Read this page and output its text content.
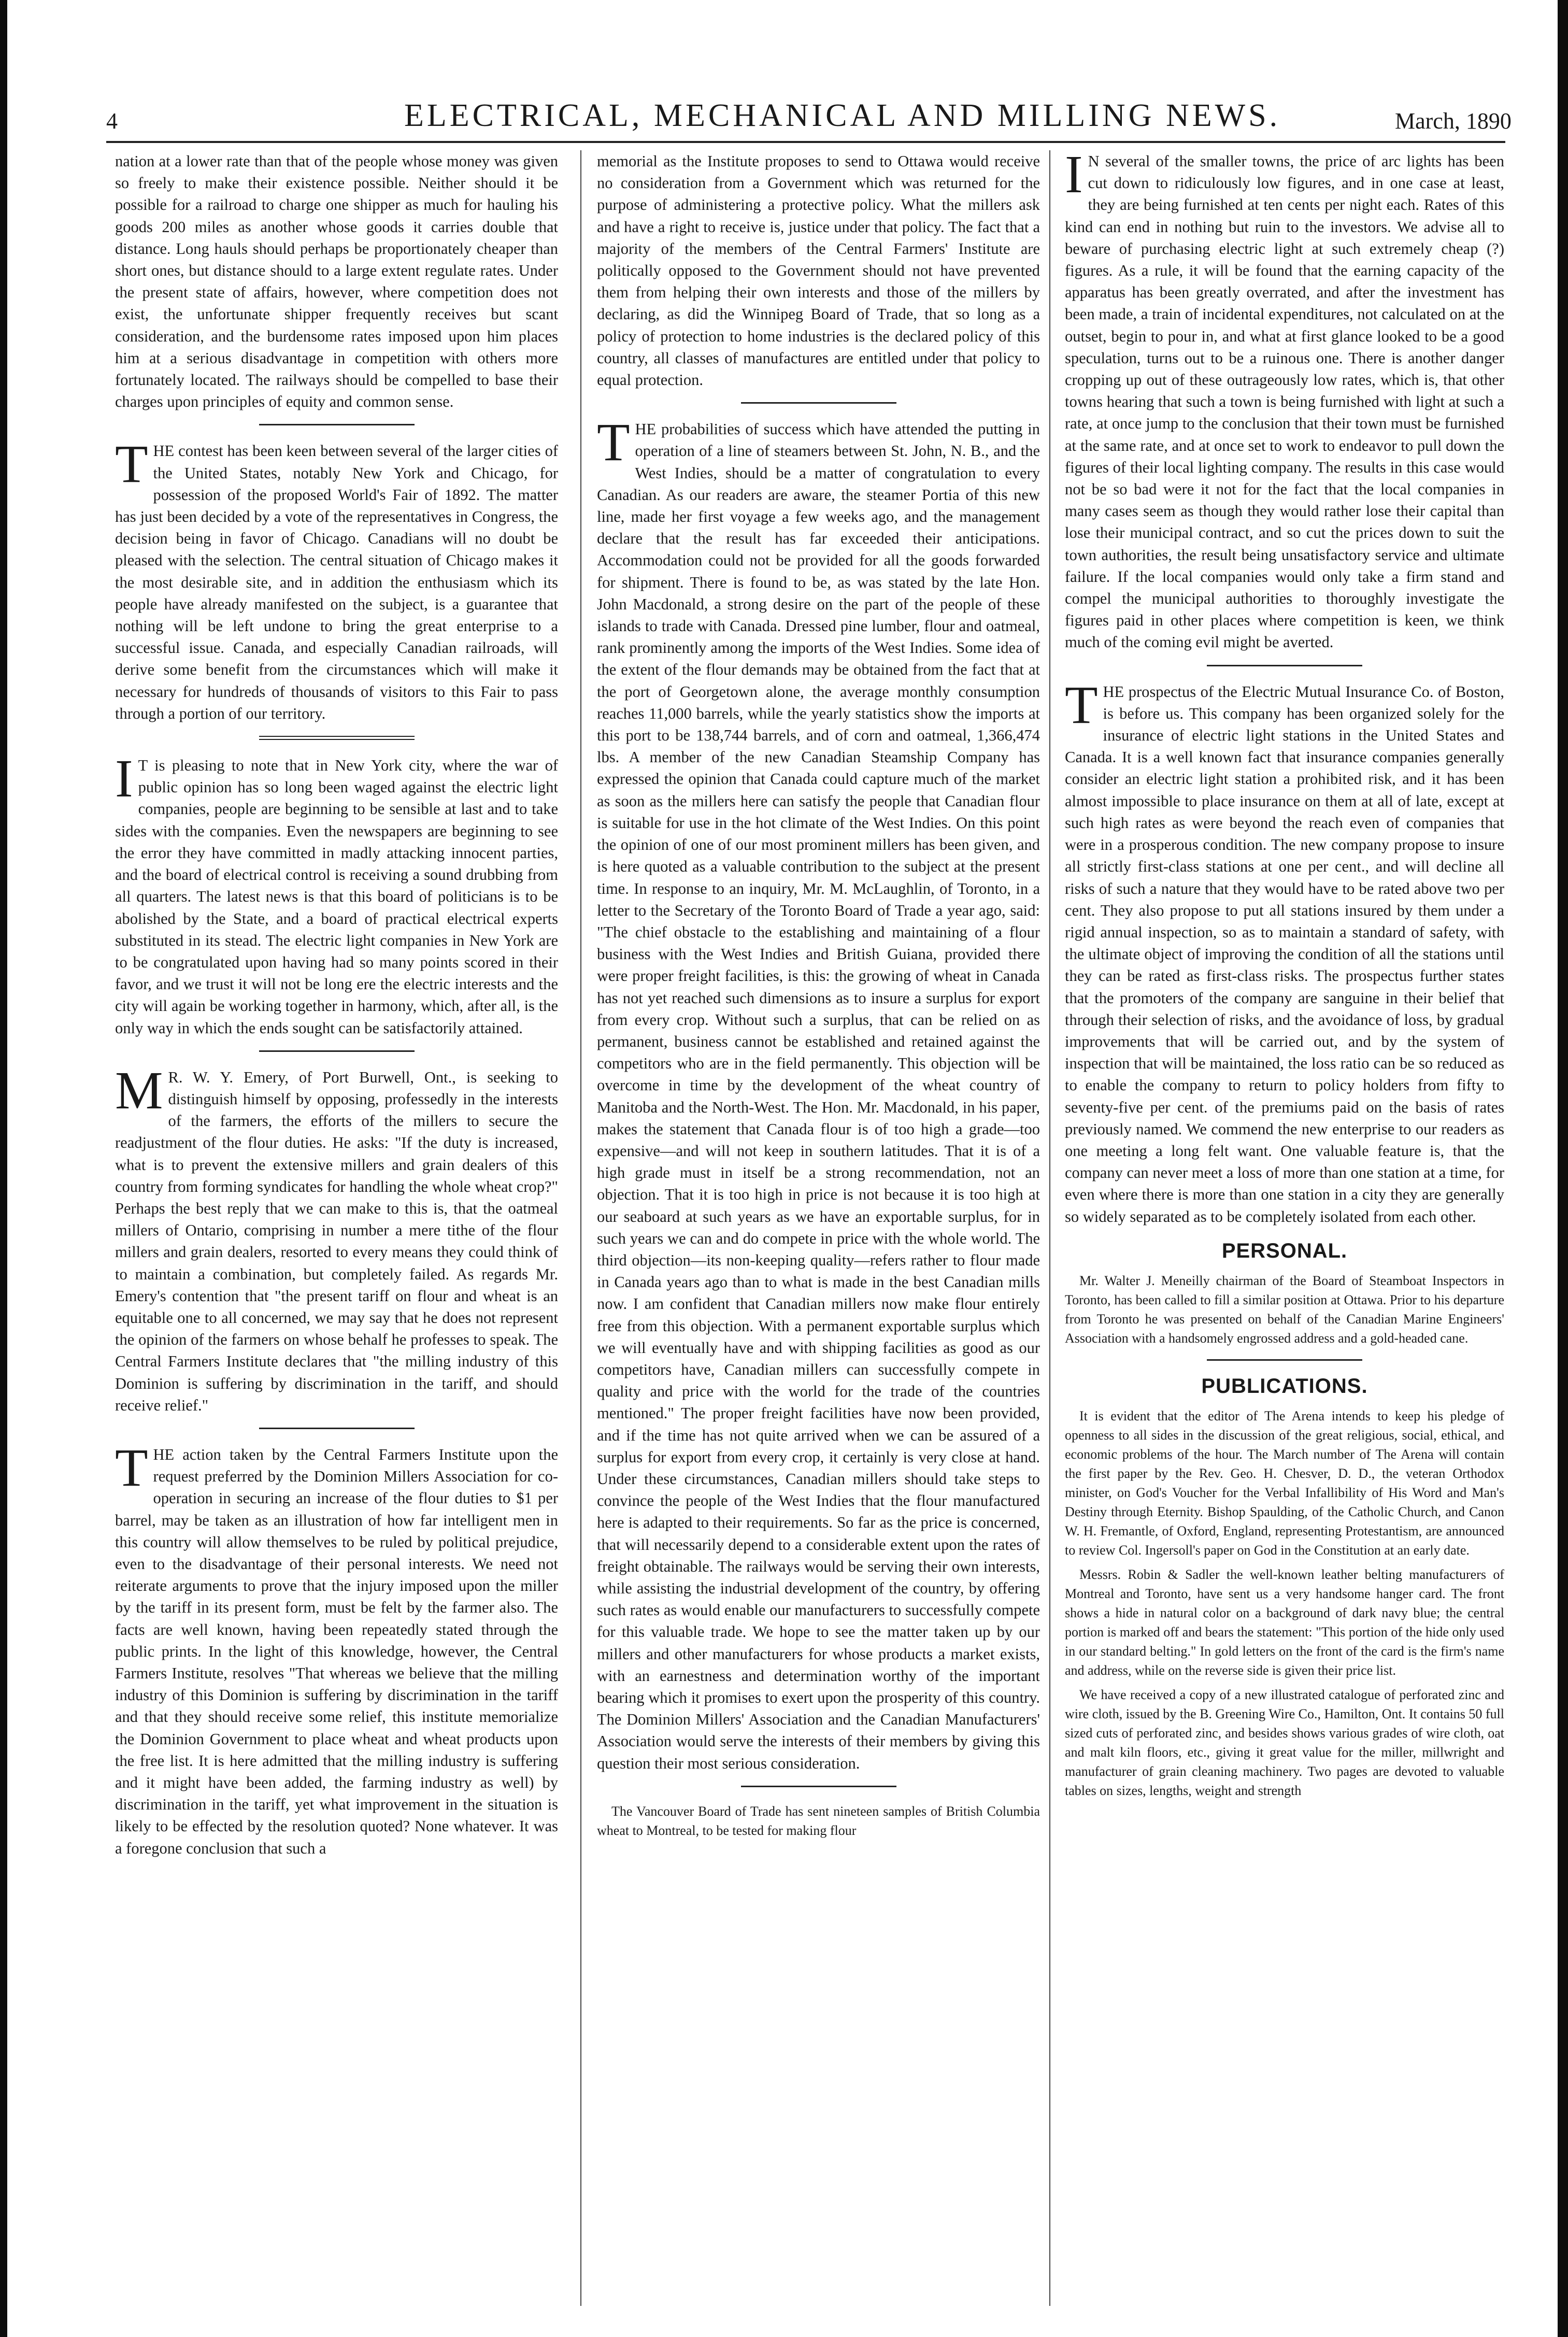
4	ELECTRICAL, MECHANICAL AND MILLING NEWS.	March, 1890

nation at a lower rate than that of the people whose money was given so freely to make their existence possible. Neither should it be possible for a railroad to charge one shipper as much for hauling his goods 200 miles as another whose goods it carries double that distance. Long hauls should perhaps be proportionately cheaper than short ones, but distance should to a large extent regulate rates. Under the present state of affairs, however, where competition does not exist, the unfortunate shipper frequently receives but scant consideration, and the burdensome rates imposed upon him places him at a serious disadvantage in competition with others more fortunately located. The railways should be compelled to base their charges upon principles of equity and common sense.

THE contest has been keen between several of the larger cities of the United States, notably New York and Chicago, for possession of the proposed World's Fair of 1892. The matter has just been decided by a vote of the representatives in Congress, the decision being in favor of Chicago. Canadians will no doubt be pleased with the selection. The central situation of Chicago makes it the most desirable site, and in addition the enthusiasm which its people have already manifested on the subject, is a guarantee that nothing will be left undone to bring the great enterprise to a successful issue. Canada, and especially Canadian railroads, will derive some benefit from the circumstances which will make it necessary for hundreds of thousands of visitors to this Fair to pass through a portion of our territory.

I T is pleasing to note that in New York city, where the war of public opinion has so long been waged against the electric light companies, people are beginning to be sensible at last and to take sides with the companies. Even the newspapers are beginning to see the error they have committed in madly attacking innocent parties, and the board of electrical control is receiving a sound drubbing from all quarters. The latest news is that this board of politicians is to be abolished by the State, and a board of practical electrical experts substituted in its stead. The electric light companies in New York are to be congratulated upon having had so many points scored in their favor, and we trust it will not be long ere the electric interests and the city will again be working together in harmony, which, after all, is the only way in which the ends sought can be satisfactorily attained.

M R. W. Y. Emery, of Port Burwell, Ont., is seeking to distinguish himself by opposing, professedly in the interests of the farmers, the efforts of the millers to secure the readjustment of the flour duties. He asks: "If the duty is increased, what is to prevent the extensive millers and grain dealers of this country from forming syndicates for handling the whole wheat crop?" Perhaps the best reply that we can make to this is, that the oatmeal millers of Ontario, comprising in number a mere tithe of the flour millers and grain dealers, resorted to every means they could think of to maintain a combination, but completely failed. As regards Mr. Emery's contention that "the present tariff on flour and wheat is an equitable one to all concerned, we may say that he does not represent the opinion of the farmers on whose behalf he professes to speak. The Central Farmers Institute declares that "the milling industry of this Dominion is suffering by discrimination in the tariff, and should receive relief."

THE action taken by the Central Farmers Institute upon the request preferred by the Dominion Millers Association for co-operation in securing an increase of the flour duties to $1 per barrel, may be taken as an illustration of how far intelligent men in this country will allow themselves to be ruled by political prejudice, even to the disadvantage of their personal interests. We need not reiterate arguments to prove that the injury imposed upon the miller by the tariff in its present form, must be felt by the farmer also. The facts are well known, having been repeatedly stated through the public prints. In the light of this knowledge, however, the Central Farmers Institute, resolves "That whereas we believe that the milling industry of this Dominion is suffering by discrimination in the tariff and that they should receive some relief, this institute memorialize the Dominion Government to place wheat and wheat products upon the free list. It is here admitted that the milling industry is suffering and it might have been added, the farming industry as well) by discrimination in the tariff, yet what improvement in the situation is likely to be effected by the resolution quoted? None whatever. It was a foregone conclusion that such a

memorial as the Institute proposes to send to Ottawa would receive no consideration from a Government which was returned for the purpose of administering a protective policy. What the millers ask and have a right to receive is, justice under that policy. The fact that a majority of the members of the Central Farmers' Institute are politically opposed to the Government should not have prevented them from helping their own interests and those of the millers by declaring, as did the Winnipeg Board of Trade, that so long as a policy of protection to home industries is the declared policy of this country, all classes of manufactures are entitled under that policy to equal protection.

THE probabilities of success which have attended the putting in operation of a line of steamers between St. John, N. B., and the West Indies, should be a matter of congratulation to every Canadian. As our readers are aware, the steamer Portia of this new line, made her first voyage a few weeks ago, and the management declare that the result has far exceeded their anticipations. Accommodation could not be provided for all the goods forwarded for shipment. There is found to be, as was stated by the late Hon. John Macdonald, a strong desire on the part of the people of these islands to trade with Canada. Dressed pine lumber, flour and oatmeal, rank prominently among the imports of the West Indies. Some idea of the extent of the flour demands may be obtained from the fact that at the port of Georgetown alone, the average monthly consumption reaches 11,000 barrels, while the yearly statistics show the imports at this port to be 138,744 barrels, and of corn and oatmeal, 1,366,474 lbs. A member of the new Canadian Steamship Company has expressed the opinion that Canada could capture much of the market as soon as the millers here can satisfy the people that Canadian flour is suitable for use in the hot climate of the West Indies. On this point the opinion of one of our most prominent millers has been given, and is here quoted as a valuable contribution to the subject at the present time. In response to an inquiry, Mr. M. McLaughlin, of Toronto, in a letter to the Secretary of the Toronto Board of Trade a year ago, said: "The chief obstacle to the establishing and maintaining of a flour business with the West Indies and British Guiana, provided there were proper freight facilities, is this: the growing of wheat in Canada has not yet reached such dimensions as to insure a surplus for export from every crop. Without such a surplus, that can be relied on as permanent, business cannot be established and retained against the competitors who are in the field permanently. This objection will be overcome in time by the development of the wheat country of Manitoba and the North-West. The Hon. Mr. Macdonald, in his paper, makes the statement that Canada flour is of too high a grade—too expensive—and will not keep in southern latitudes. That it is of a high grade must in itself be a strong recommendation, not an objection. That it is too high in price is not because it is too high at our seaboard at such years as we have an exportable surplus, for in such years we can and do compete in price with the whole world. The third objection—its non-keeping quality—refers rather to flour made in Canada years ago than to what is made in the best Canadian mills now. I am confident that Canadian millers now make flour entirely free from this objection. With a permanent exportable surplus which we will eventually have and with shipping facilities as good as our competitors have, Canadian millers can successfully compete in quality and price with the world for the trade of the countries mentioned." The proper freight facilities have now been provided, and if the time has not quite arrived when we can be assured of a surplus for export from every crop, it certainly is very close at hand. Under these circumstances, Canadian millers should take steps to convince the people of the West Indies that the flour manufactured here is adapted to their requirements. So far as the price is concerned, that will necessarily depend to a considerable extent upon the rates of freight obtainable. The railways would be serving their own interests, while assisting the industrial development of the country, by offering such rates as would enable our manufacturers to successfully compete for this valuable trade. We hope to see the matter taken up by our millers and other manufacturers for whose products a market exists, with an earnestness and determination worthy of the important bearing which it promises to exert upon the prosperity of this country. The Dominion Millers' Association and the Canadian Manufacturers' Association would serve the interests of their members by giving this question their most serious consideration.

The Vancouver Board of Trade has sent nineteen samples of British Columbia wheat to Montreal, to be tested for making flour

I N several of the smaller towns, the price of arc lights has been cut down to ridiculously low figures, and in one case at least, they are being furnished at ten cents per night each. Rates of this kind can end in nothing but ruin to the investors. We advise all to beware of purchasing electric light at such extremely cheap (?) figures. As a rule, it will be found that the earning capacity of the apparatus has been greatly overrated, and after the investment has been made, a train of incidental expenditures, not calculated on at the outset, begin to pour in, and what at first glance looked to be a good speculation, turns out to be a ruinous one. There is another danger cropping up out of these outrageously low rates, which is, that other towns hearing that such a town is being furnished with light at such a rate, at once jump to the conclusion that their town must be furnished at the same rate, and at once set to work to endeavor to pull down the figures of their local lighting company. The results in this case would not be so bad were it not for the fact that the local companies in many cases seem as though they would rather lose their capital than lose their municipal contract, and so cut the prices down to suit the town authorities, the result being unsatisfactory service and ultimate failure. If the local companies would only take a firm stand and compel the municipal authorities to thoroughly investigate the figures paid in other places where competition is keen, we think much of the coming evil might be averted.

THE prospectus of the Electric Mutual Insurance Co. of Boston, is before us. This company has been organized solely for the insurance of electric light stations in the United States and Canada. It is a well known fact that insurance companies generally consider an electric light station a prohibited risk, and it has been almost impossible to place insurance on them at all of late, except at such high rates as were beyond the reach even of companies that were in a prosperous condition. The new company propose to insure all strictly first-class stations at one per cent., and will decline all risks of such a nature that they would have to be rated above two per cent. They also propose to put all stations insured by them under a rigid annual inspection, so as to maintain a standard of safety, with the ultimate object of improving the condition of all the stations until they can be rated as first-class risks. The prospectus further states that the promoters of the company are sanguine in their belief that through their selection of risks, and the avoidance of loss, by gradual improvements that will be carried out, and by the system of inspection that will be maintained, the loss ratio can be so reduced as to enable the company to return to policy holders from fifty to seventy-five per cent. of the premiums paid on the basis of rates previously named. We commend the new enterprise to our readers as one meeting a long felt want. One valuable feature is, that the company can never meet a loss of more than one station at a time, for even where there is more than one station in a city they are generally so widely separated as to be completely isolated from each other.

PERSONAL.

Mr. Walter J. Meneilly chairman of the Board of Steamboat Inspectors in Toronto, has been called to fill a similar position at Ottawa. Prior to his departure from Toronto he was presented on behalf of the Canadian Marine Engineers' Association with a handsomely engrossed address and a gold-headed cane.

PUBLICATIONS.

It is evident that the editor of The Arena intends to keep his pledge of openness to all sides in the discussion of the great religious, social, ethical, and economic problems of the hour. The March number of The Arena will contain the first paper by the Rev. Geo. H. Chesver, D. D., the veteran Orthodox minister, on God's Voucher for the Verbal Infallibility of His Word and Man's Destiny through Eternity. Bishop Spaulding, of the Catholic Church, and Canon W. H. Fremantle, of Oxford, England, representing Protestantism, are announced to review Col. Ingersoll's paper on God in the Constitution at an early date.

Messrs. Robin & Sadler the well-known leather belting manufacturers of Montreal and Toronto, have sent us a very handsome hanger card. The front shows a hide in natural color on a background of dark navy blue; the central portion is marked off and bears the statement: "This portion of the hide only used in our standard belting." In gold letters on the front of the card is the firm's name and address, while on the reverse side is given their price list.

We have received a copy of a new illustrated catalogue of perforated zinc and wire cloth, issued by the B. Greening Wire Co., Hamilton, Ont. It contains 50 full sized cuts of perforated zinc, and besides shows various grades of wire cloth, oat and malt kiln floors, etc., giving it great value for the miller, millwright and manufacturer of grain cleaning machinery. Two pages are devoted to valuable tables on sizes, lengths, weight and strength
